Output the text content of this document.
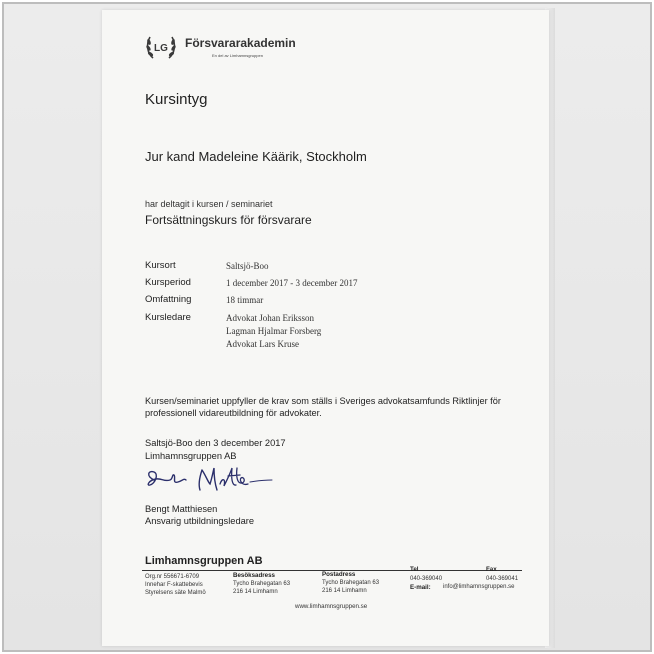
LG Försvararakademin
En del av Limhamnsgruppen
Kursintyg
Jur kand Madeleine Käärik, Stockholm
har deltagit i kursen / seminariet
Fortsättningskurs för försvarare
Kursort	Saltsjö-Boo
Kursperiod	1 december 2017 - 3 december 2017
Omfattning	18 timmar
Kursledare	Advokat Johan Eriksson
Lagman Hjalmar Forsberg
Advokat Lars Kruse
Kursen/seminariet uppfyller de krav som ställs i Sveriges advokatsamfunds Riktlinjer för
professionell vidareutbildning för advokater.
Saltsjö-Boo den 3 december 2017
Limhamnsgruppen AB
Bengt Matthiesen
Ansvarig utbildningsledare
Limhamnsgruppen AB
Org.nr 556671-6709
Innehar F-skattebevis
Styrelsens säte Malmö
Besöksadress
Tycho Brahegatan 63
216 14 Limhamn
Postadress
Tycho Brahegatan 63
216 14 Limhamn
Tel
040-369040
Fax
040-369041
E-mail: info@limhamnsgruppen.se
www.limhamnsgruppen.se
